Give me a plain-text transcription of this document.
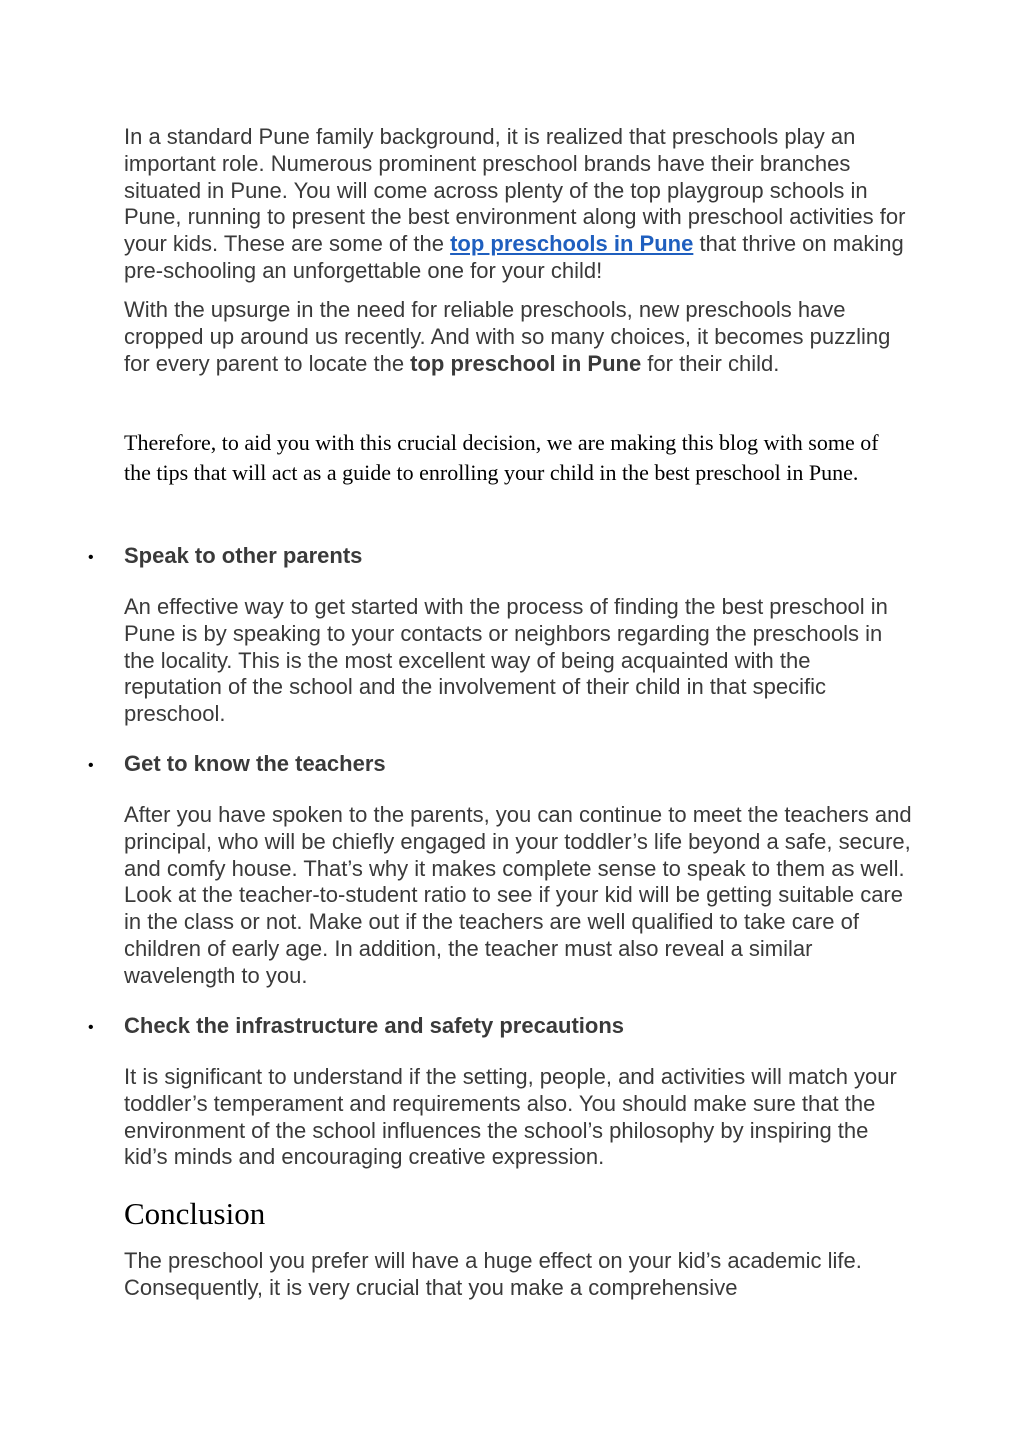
In a standard Pune family background, it is realized that preschools play an important role. Numerous prominent preschool brands have their branches situated in Pune. You will come across plenty of the top playgroup schools in Pune, running to present the best environment along with preschool activities for your kids. These are some of the top preschools in Pune that thrive on making pre-schooling an unforgettable one for your child!

With the upsurge in the need for reliable preschools, new preschools have cropped up around us recently. And with so many choices, it becomes puzzling for every parent to locate the top preschool in Pune for their child.

Therefore, to aid you with this crucial decision, we are making this blog with some of the tips that will act as a guide to enrolling your child in the best preschool in Pune.

• Speak to other parents

An effective way to get started with the process of finding the best preschool in Pune is by speaking to your contacts or neighbors regarding the preschools in the locality. This is the most excellent way of being acquainted with the reputation of the school and the involvement of their child in that specific preschool.

• Get to know the teachers

After you have spoken to the parents, you can continue to meet the teachers and principal, who will be chiefly engaged in your toddler’s life beyond a safe, secure, and comfy house. That’s why it makes complete sense to speak to them as well. Look at the teacher-to-student ratio to see if your kid will be getting suitable care in the class or not. Make out if the teachers are well qualified to take care of children of early age. In addition, the teacher must also reveal a similar wavelength to you.

• Check the infrastructure and safety precautions

It is significant to understand if the setting, people, and activities will match your toddler’s temperament and requirements also. You should make sure that the environment of the school influences the school’s philosophy by inspiring the kid’s minds and encouraging creative expression.

Conclusion

The preschool you prefer will have a huge effect on your kid’s academic life. Consequently, it is very crucial that you make a comprehensive
